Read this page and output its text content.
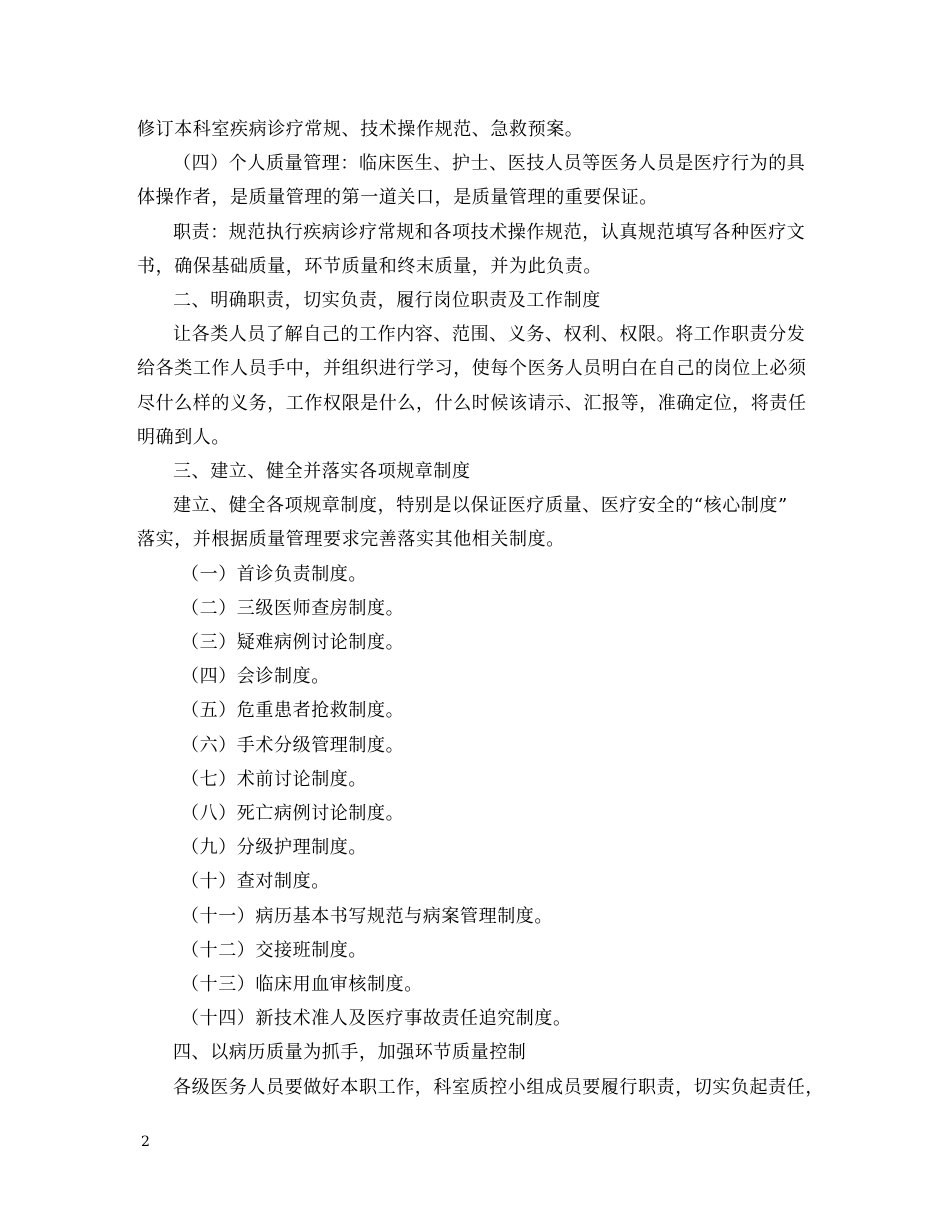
修订本科室疾病诊疗常规、技术操作规范、急救预案。

（四）个人质量管理：临床医生、护士、医技人员等医务人员是医疗行为的具

体操作者，是质量管理的第一道关口，是质量管理的重要保证。

职责：规范执行疾病诊疗常规和各项技术操作规范，认真规范填写各种医疗文

书，确保基础质量，环节质量和终末质量，并为此负责。

二、明确职责，切实负责，履行岗位职责及工作制度

让各类人员了解自己的工作内容、范围、义务、权利、权限。将工作职责分发

给各类工作人员手中，并组织进行学习，使每个医务人员明白在自己的岗位上必须

尽什么样的义务，工作权限是什么，什么时候该请示、汇报等，准确定位，将责任

明确到人。

三、建立、健全并落实各项规章制度

建立、健全各项规章制度，特别是以保证医疗质量、医疗安全的“核心制度”

落实，并根据质量管理要求完善落实其他相关制度。

（一）首诊负责制度。

（二）三级医师查房制度。

（三）疑难病例讨论制度。

（四）会诊制度。

（五）危重患者抢救制度。

（六）手术分级管理制度。

（七）术前讨论制度。

（八）死亡病例讨论制度。

（九）分级护理制度。

（十）查对制度。

（十一）病历基本书写规范与病案管理制度。

（十二）交接班制度。

（十三）临床用血审核制度。

（十四）新技术准人及医疗事故责任追究制度。

四、以病历质量为抓手，加强环节质量控制

各级医务人员要做好本职工作，科室质控小组成员要履行职责，切实负起责任，

2
